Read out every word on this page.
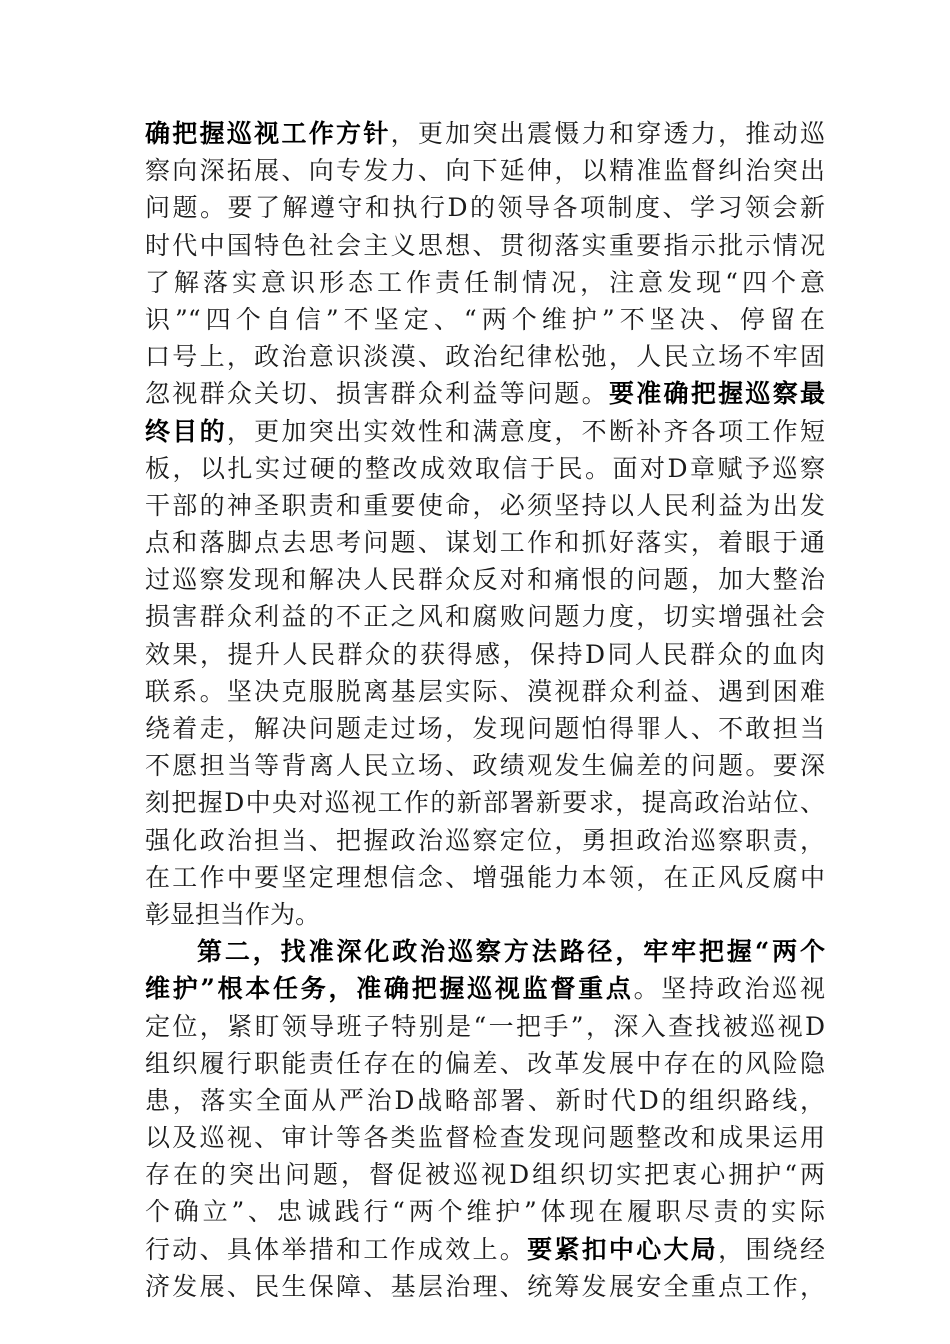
确把握巡视工作方针，更加突出震慑力和穿透力，推动巡
察向深拓展、向专发力、向下延伸，以精准监督纠治突出
问题。要了解遵守和执行D的领导各项制度、学习领会新
时代中国特色社会主义思想、贯彻落实重要指示批示情况
了解落实意识形态工作责任制情况，注意发现“四个意
识”“四个自信”不坚定、“两个维护”不坚决、停留在
口号上，政治意识淡漠、政治纪律松弛，人民立场不牢固
忽视群众关切、损害群众利益等问题。要准确把握巡察最
终目的，更加突出实效性和满意度，不断补齐各项工作短
板，以扎实过硬的整改成效取信于民。面对D章赋予巡察
干部的神圣职责和重要使命，必须坚持以人民利益为出发
点和落脚点去思考问题、谋划工作和抓好落实，着眼于通
过巡察发现和解决人民群众反对和痛恨的问题，加大整治
损害群众利益的不正之风和腐败问题力度，切实增强社会
效果，提升人民群众的获得感，保持D同人民群众的血肉
联系。坚决克服脱离基层实际、漠视群众利益、遇到困难
绕着走，解决问题走过场，发现问题怕得罪人、不敢担当
不愿担当等背离人民立场、政绩观发生偏差的问题。要深
刻把握D中央对巡视工作的新部署新要求，提高政治站位、
强化政治担当、把握政治巡察定位，勇担政治巡察职责，
在工作中要坚定理想信念、增强能力本领，在正风反腐中
彰显担当作为。
第二，找准深化政治巡察方法路径，牢牢把握“两个
维护”根本任务，准确把握巡视监督重点。坚持政治巡视
定位，紧盯领导班子特别是“一把手”，深入查找被巡视D
组织履行职能责任存在的偏差、改革发展中存在的风险隐
患，落实全面从严治D战略部署、新时代D的组织路线，
以及巡视、审计等各类监督检查发现问题整改和成果运用
存在的突出问题，督促被巡视D组织切实把衷心拥护“两
个确立”、忠诚践行“两个维护”体现在履职尽责的实际
行动、具体举措和工作成效上。要紧扣中心大局，围绕经
济发展、民生保障、基层治理、统筹发展安全重点工作，
